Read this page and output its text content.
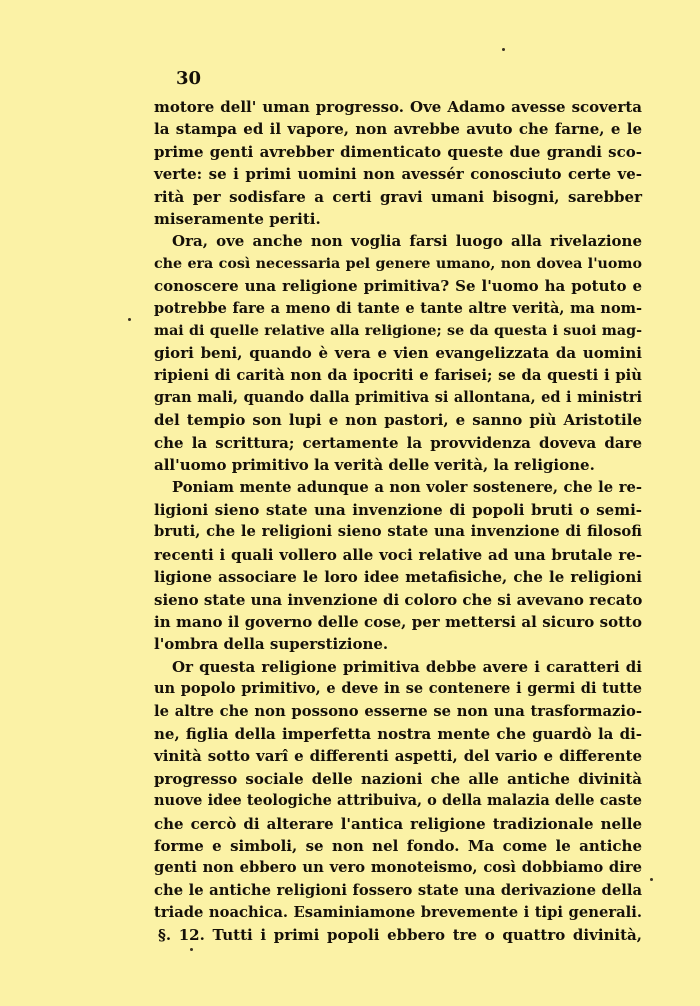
30
motore dell' uman progresso. Ove Adamo avesse scoverta
la stampa ed il vapore, non avrebbe avuto che farne, e le
prime genti avrebber dimenticato queste due grandi sco-
verte: se i primi uomini non avessér conosciuto certe ve-
rità per sodisfare a certi gravi umani bisogni, sarebber
miseramente periti.
Ora, ove anche non voglia farsi luogo alla rivelazione
che era così necessaria pel genere umano, non dovea l'uomo
conoscere una religione primitiva? Se l'uomo ha potuto e
potrebbe fare a meno di tante e tante altre verità, ma nom-
mai di quelle relative alla religione; se da questa i suoi mag-
giori beni, quando è vera e vien evangelizzata da uomini
ripieni di carità non da ipocriti e farisei; se da questi i più
gran mali, quando dalla primitiva si allontana, ed i ministri
del tempio son lupi e non pastori, e sanno più Aristotile
che la scrittura; certamente la provvidenza doveva dare
all'uomo primitivo la verità delle verità, la religione.
Poniam mente adunque a non voler sostenere, che le re-
ligioni sieno state una invenzione di popoli bruti o semi-
bruti, che le religioni sieno state una invenzione di filosofi
recenti i quali vollero alle voci relative ad una brutale re-
ligione associare le loro idee metafisiche, che le religioni
sieno state una invenzione di coloro che si avevano recato
in mano il governo delle cose, per mettersi al sicuro sotto
l'ombra della superstizione.
Or questa religione primitiva debbe avere i caratteri di
un popolo primitivo, e deve in se contenere i germi di tutte
le altre che non possono esserne se non una trasformazio-
ne, figlia della imperfetta nostra mente che guardò la di-
vinità sotto varî e differenti aspetti, del vario e differente
progresso sociale delle nazioni che alle antiche divinità
nuove idee teologiche attribuiva, o della malazia delle caste
che cercò di alterare l'antica religione tradizionale nelle
forme e simboli, se non nel fondo. Ma come le antiche
genti non ebbero un vero monoteismo, così dobbiamo dire
che le antiche religioni fossero state una derivazione della
triade noachica. Esaminiamone brevemente i tipi generali.
§. 12. Tutti i primi popoli ebbero tre o quattro divinità,
